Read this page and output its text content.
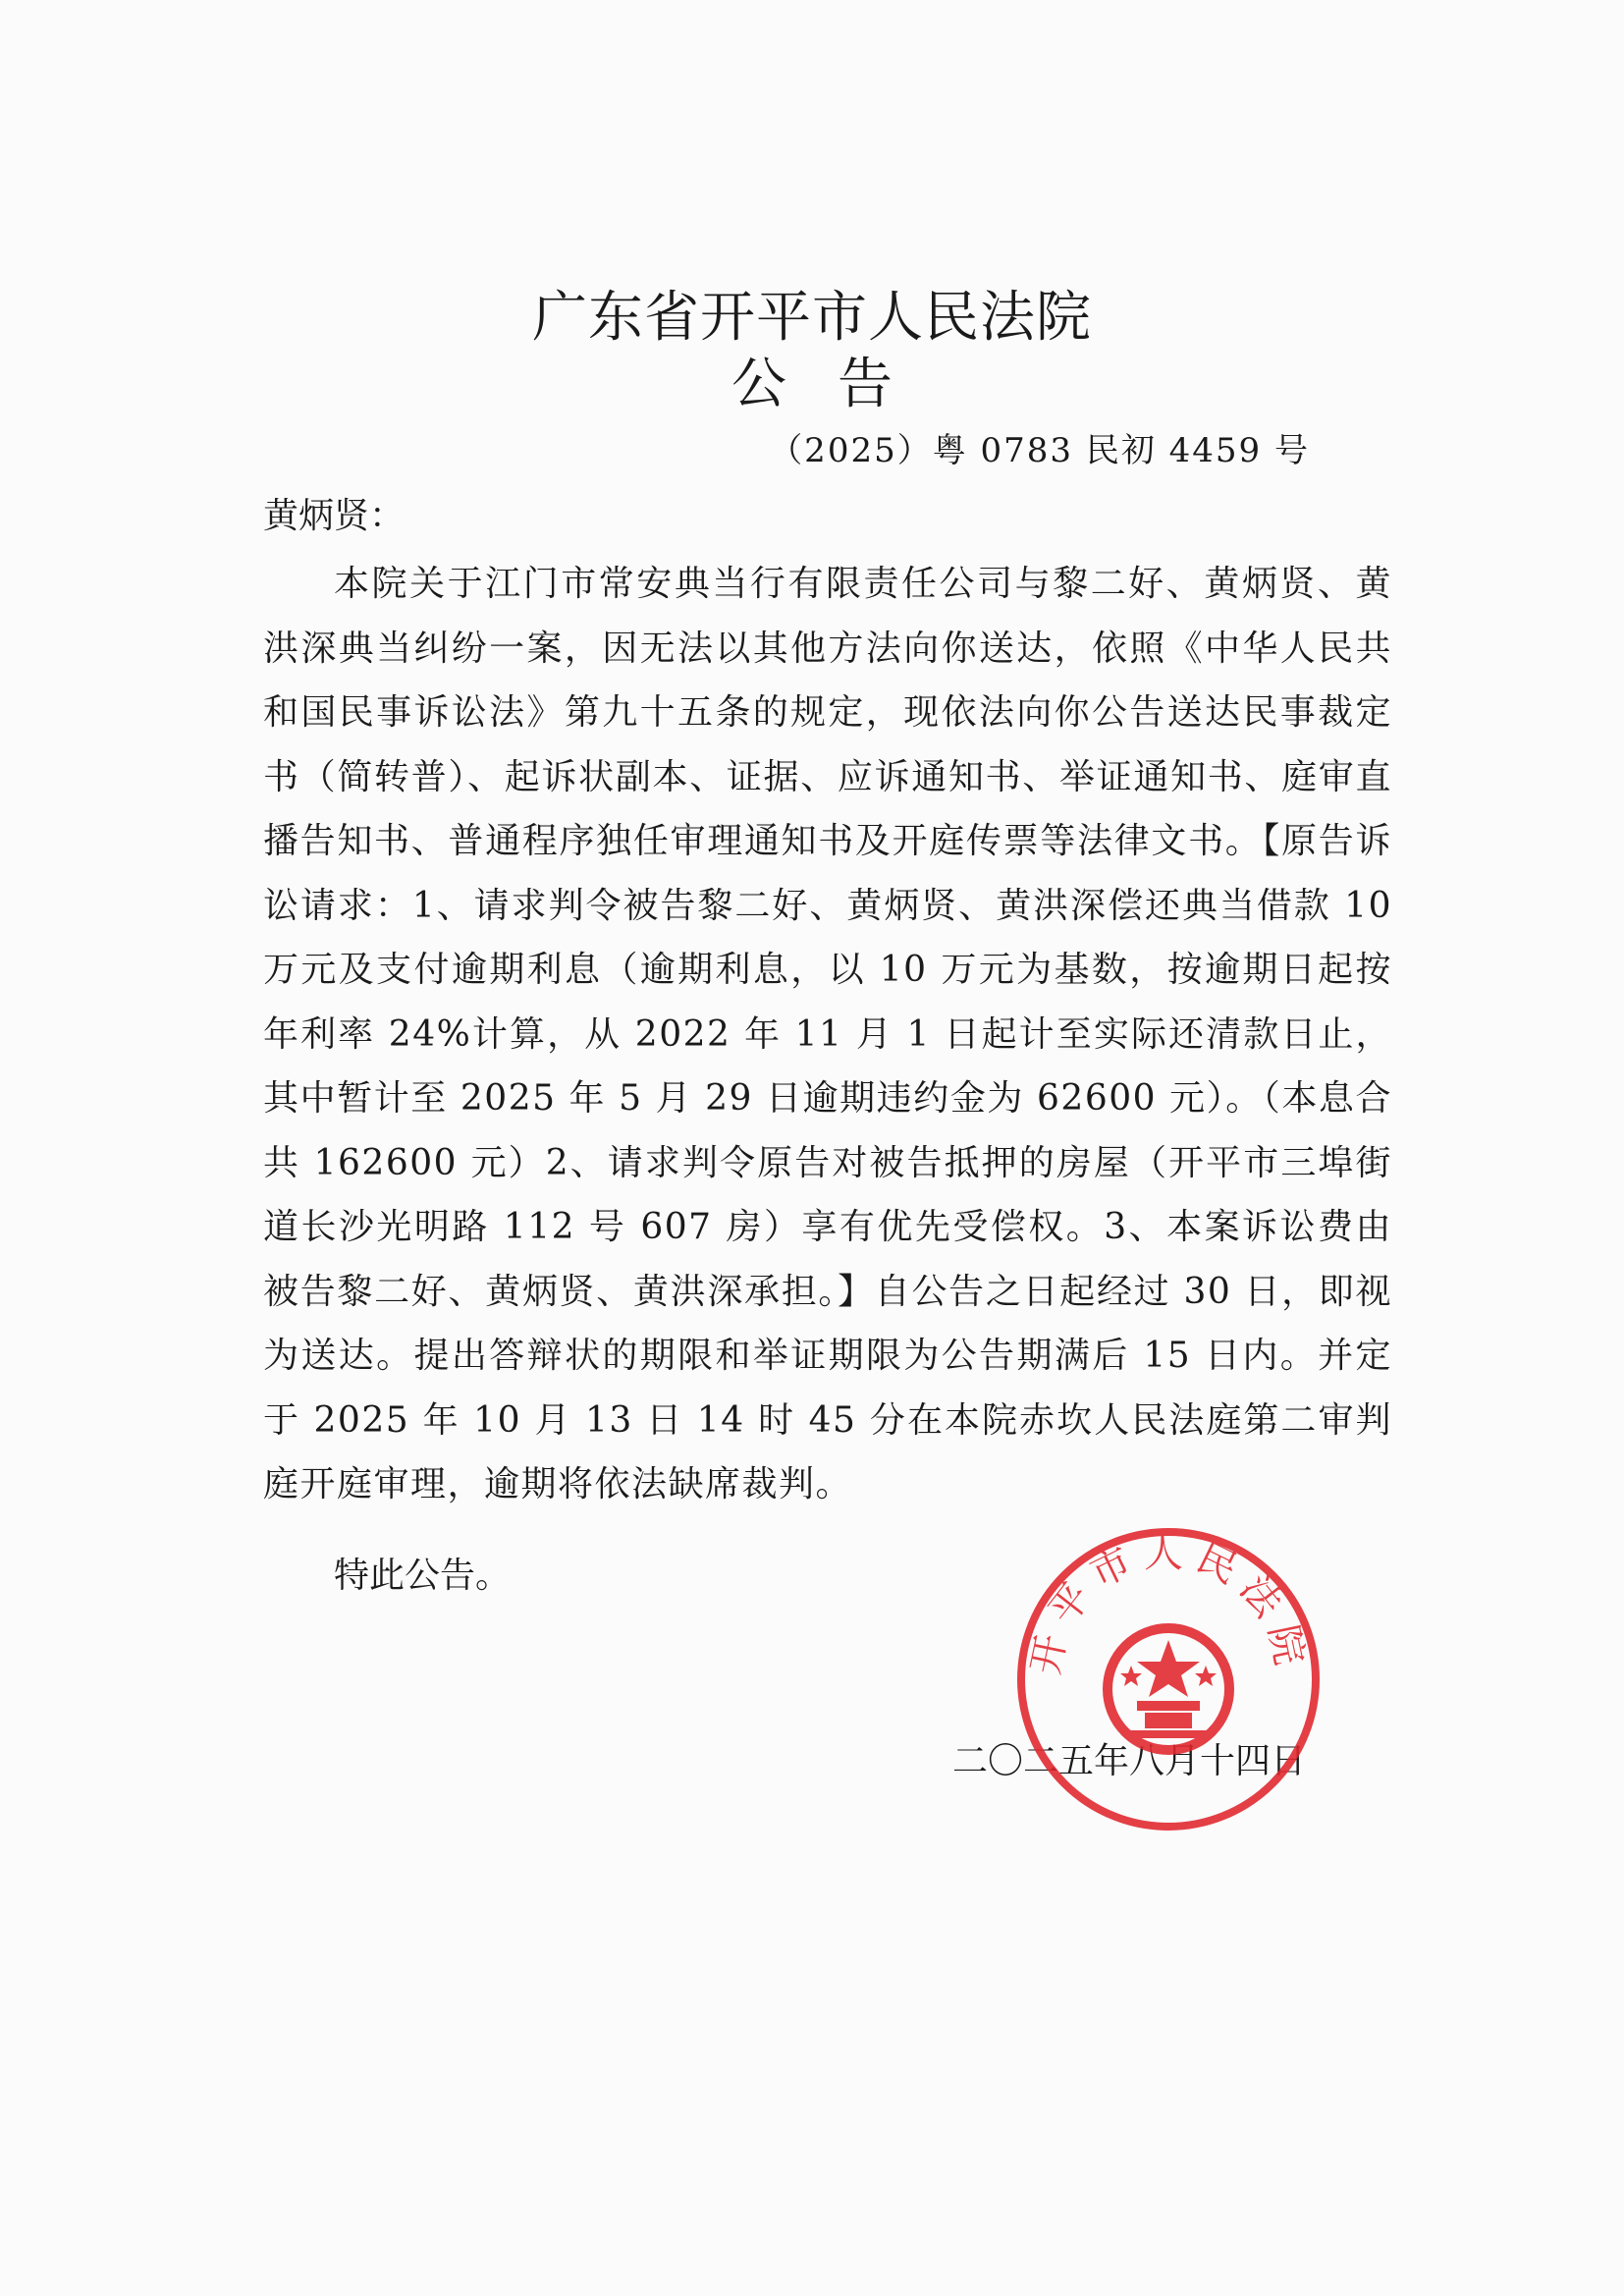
广东省开平市人民法院
公告
（2025）粤 0783 民初 4459 号
黄炳贤：
本院关于江门市常安典当行有限责任公司与黎二好、黄炳贤、黄洪深典当纠纷一案，因无法以其他方法向你送达，依照《中华人民共和国民事诉讼法》第九十五条的规定，现依法向你公告送达民事裁定书（简转普）、起诉状副本、证据、应诉通知书、举证通知书、庭审直播告知书、普通程序独任审理通知书及开庭传票等法律文书。【原告诉讼请求：1、请求判令被告黎二好、黄炳贤、黄洪深偿还典当借款 10 万元及支付逾期利息（逾期利息，以 10 万元为基数，按逾期日起按年利率 24%计算，从 2022 年 11 月 1 日起计至实际还清款日止，其中暂计至 2025 年 5 月 29 日逾期违约金为 62600 元）。（本息合共 162600 元）2、请求判令原告对被告抵押的房屋（开平市三埠街道长沙光明路 112 号 607 房）享有优先受偿权。3、本案诉讼费由被告黎二好、黄炳贤、黄洪深承担。】自公告之日起经过 30 日，即视为送达。提出答辩状的期限和举证期限为公告期满后 15 日内。并定于 2025 年 10 月 13 日 14 时 45 分在本院赤坎人民法庭第二审判庭开庭审理，逾期将依法缺席裁判。
特此公告。
二〇二五年八月十四日
开平市人民法院
